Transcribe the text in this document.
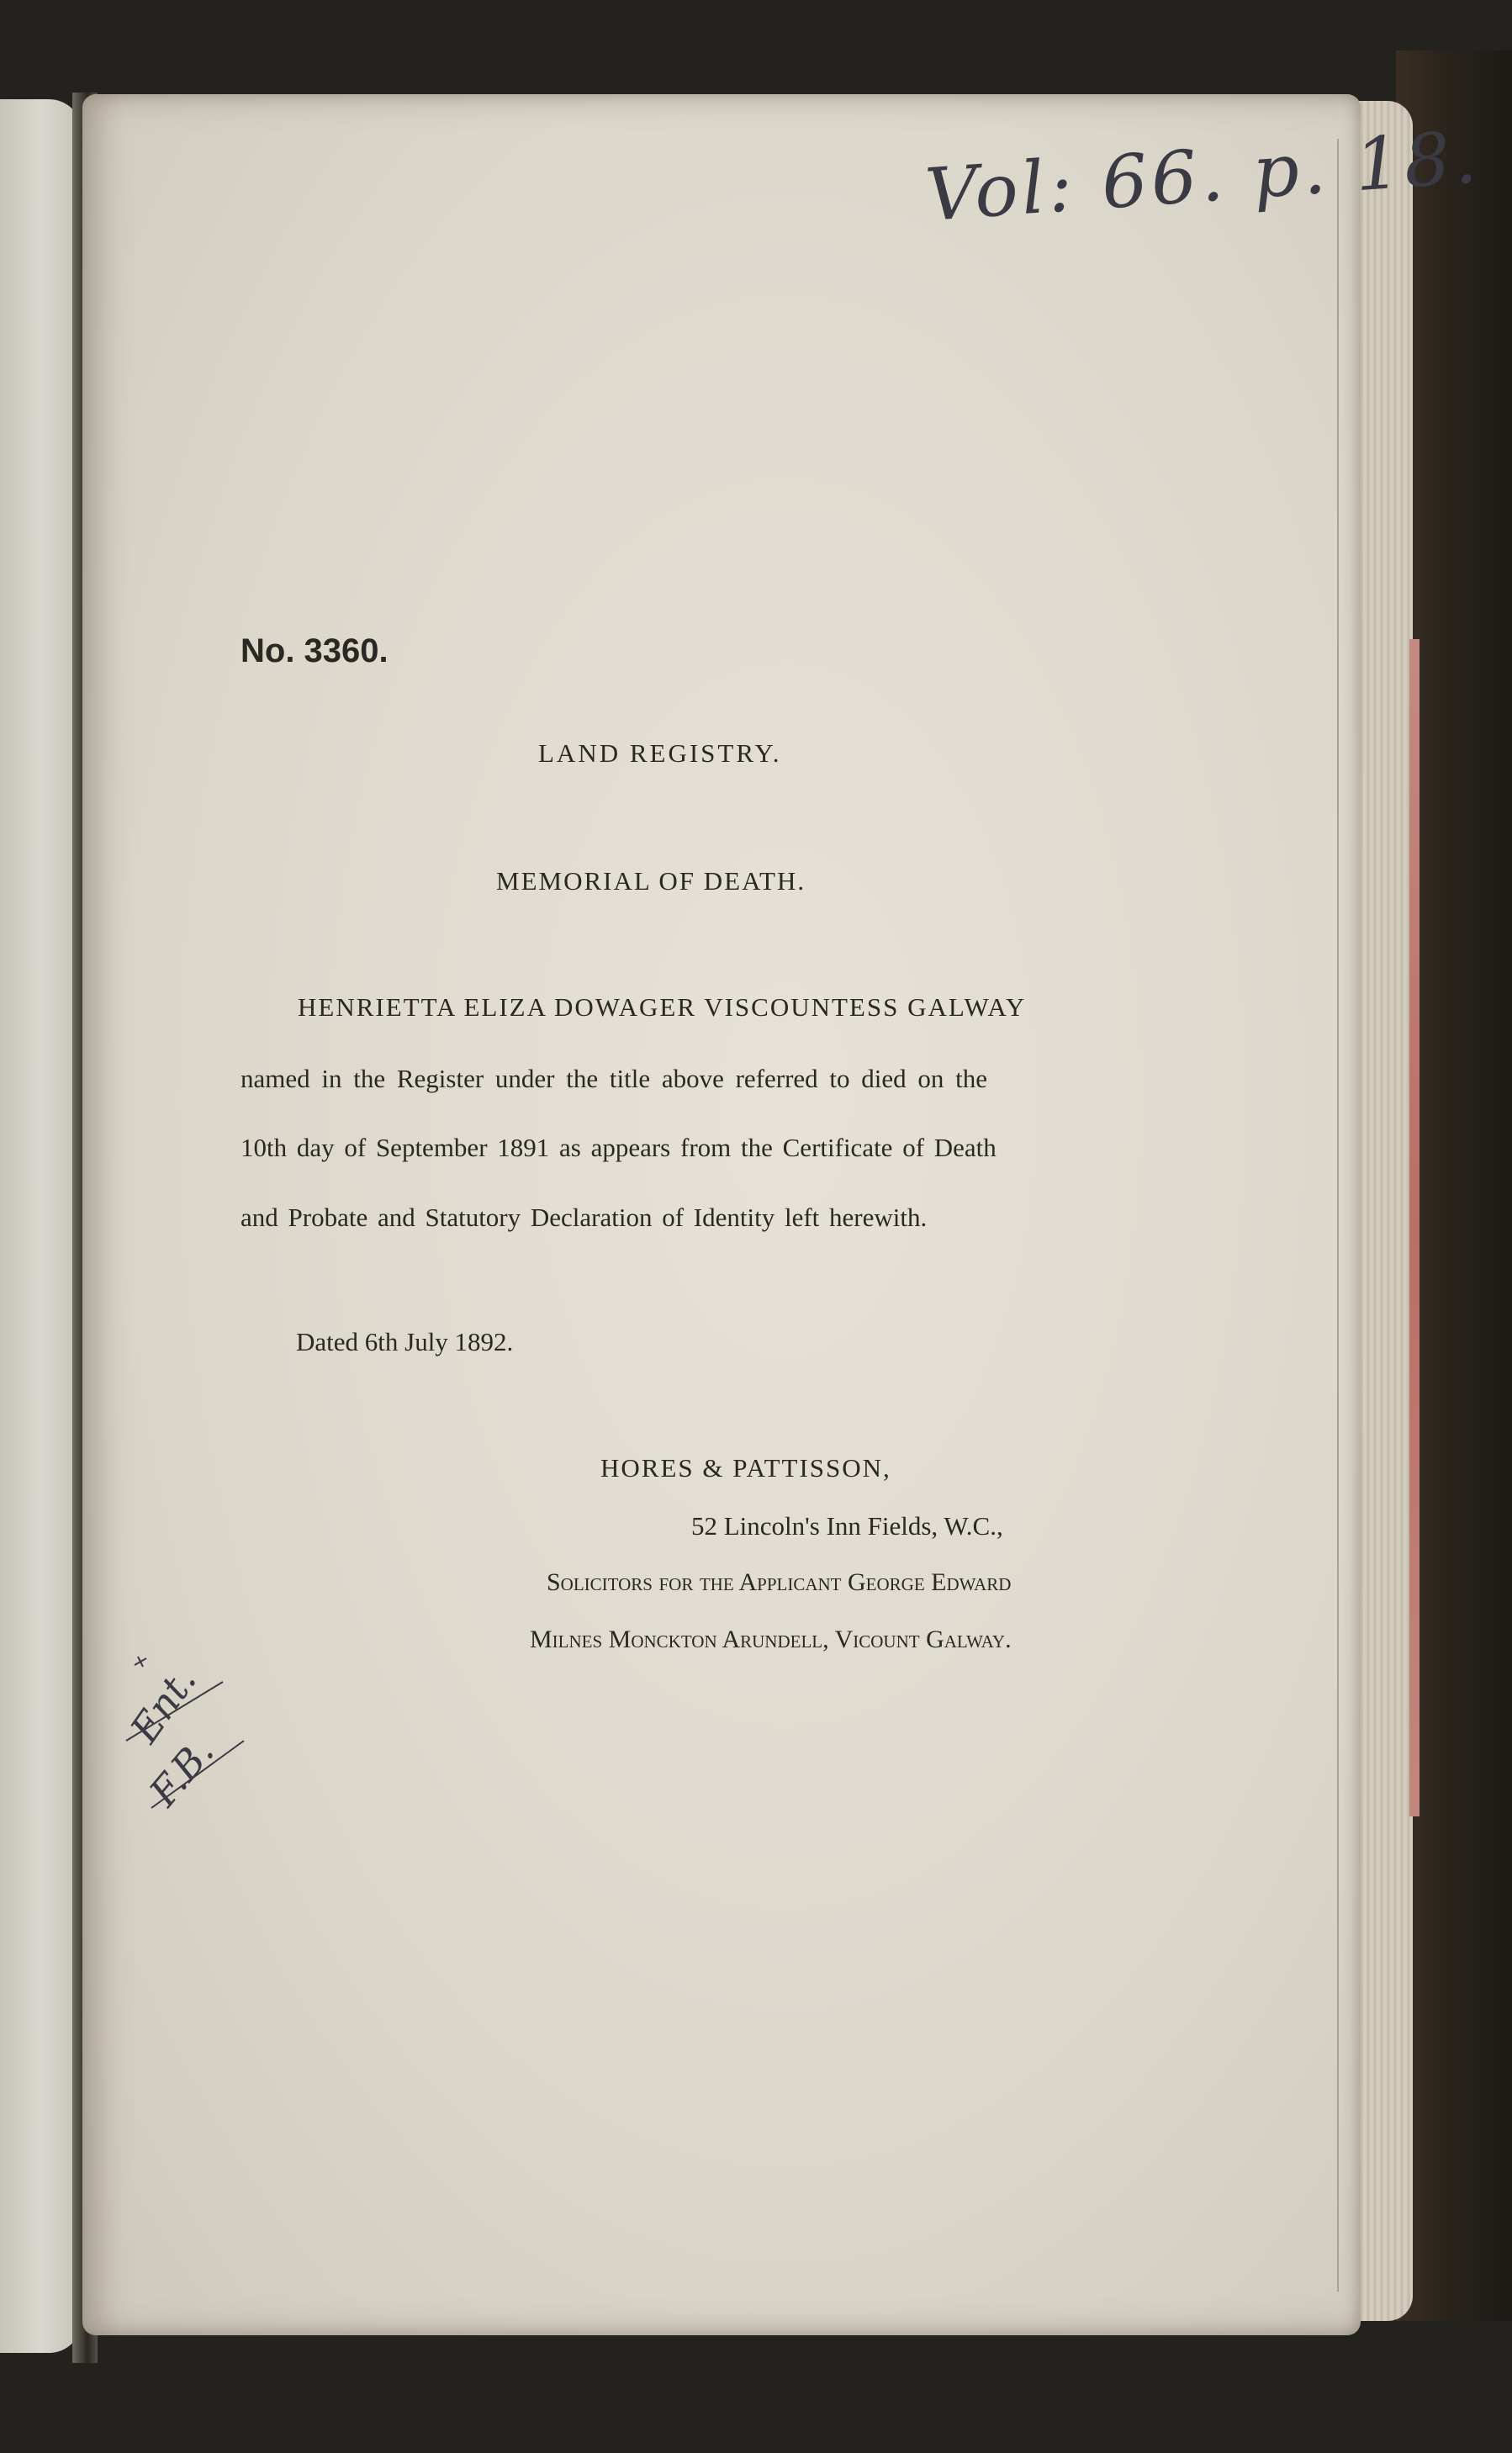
Vol: 66. p. 18.
No. 3360.
LAND REGISTRY.
MEMORIAL OF DEATH.
HENRIETTA ELIZA DOWAGER VISCOUNTESS GALWAY
named in the Register under the title above referred to died on the
10th day of September 1891 as appears from the Certificate of Death
and Probate and Statutory Declaration of Identity left herewith.
Dated 6th July 1892.
HORES & PATTISSON,
52 Lincoln's Inn Fields, W.C.,
Solicitors for the Applicant George Edward
Milnes Monckton Arundell, Vicount Galway.
Ent.
F.B.
